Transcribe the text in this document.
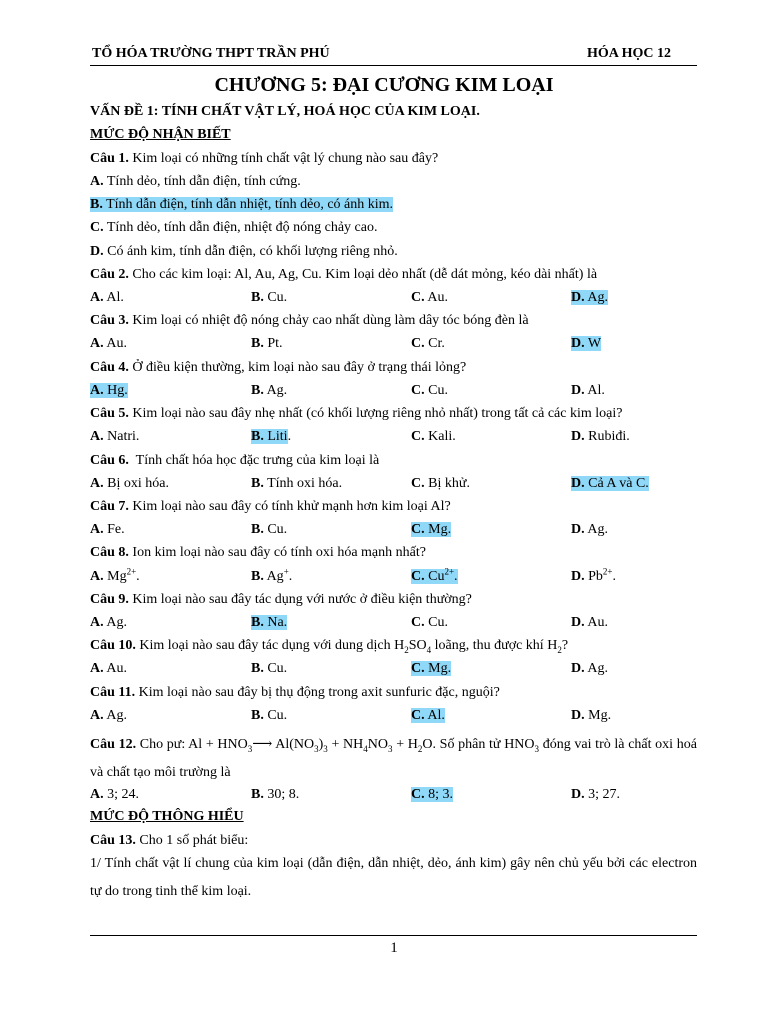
TỔ HÓA TRƯỜNG THPT TRẦN PHÚ	HÓA HỌC 12
CHƯƠNG 5: ĐẠI CƯƠNG KIM LOẠI
VẤN ĐỀ 1: TÍNH CHẤT VẬT LÝ, HOÁ HỌC CỦA KIM LOẠI.
MỨC ĐỘ NHẬN BIẾT
Câu 1. Kim loại có những tính chất vật lý chung nào sau đây?
A. Tính dẻo, tính dẫn điện, tính cứng.
B. Tính dẫn điện, tính dẫn nhiệt, tính dẻo, có ánh kim.
C. Tính dẻo, tính dẫn điện, nhiệt độ nóng chảy cao.
D. Có ánh kim, tính dẫn điện, có khối lượng riêng nhỏ.
Câu 2. Cho các kim loại: Al, Au, Ag, Cu. Kim loại dẻo nhất (dễ dát mỏng, kéo dài nhất) là
A. Al.	B. Cu.	C. Au.	D. Ag.
Câu 3. Kim loại có nhiệt độ nóng chảy cao nhất dùng làm dây tóc bóng đèn là
A. Au.	B. Pt.	C. Cr.	D. W
Câu 4. Ở điều kiện thường, kim loại nào sau đây ở trạng thái lỏng?
A. Hg.	B. Ag.	C. Cu.	D. Al.
Câu 5. Kim loại nào sau đây nhẹ nhất (có khối lượng riêng nhỏ nhất) trong tất cả các kim loại?
A. Natri.	B. Liti.	C. Kali.	D. Rubiđi.
Câu 6.  Tính chất hóa học đặc trưng của kim loại là
A. Bị oxi hóa.	B. Tính oxi hóa.	C. Bị khử.	D. Cả A và C.
Câu 7. Kim loại nào sau đây có tính khử mạnh hơn kim loại Al?
A. Fe.	B. Cu.	C. Mg.	D. Ag.
Câu 8. Ion kim loại nào sau đây có tính oxi hóa mạnh nhất?
A. $Mg^{2+}$.	B. Ag+.	C. $Cu^{2+}$.	D. $Pb^{2+}$.
Câu 9. Kim loại nào sau đây tác dụng với nước ở điều kiện thường?
A. Ag.	B. Na.	C. Cu.	D. Au.
Câu 10. Kim loại nào sau đây tác dụng với dung dịch $H_2SO_4$ loãng, thu được khí $H_2$?
A. Au.	B. Cu.	C. Mg.	D. Ag.
Câu 11. Kim loại nào sau đây bị thụ động trong axit sunfuric đặc, nguội?
A. Ag.	B. Cu.	C. Al.	D. Mg.
Câu 12. Cho pư: $Al + HNO_3⟶$ $Al(NO_3)_3 + NH_4NO_3 + H_2O$. Số phân tử $HNO_3$ đóng vai trò là chất oxi hoá và chất tạo môi trường là
A. 3; 24.	B. 30; 8.	C. 8; 3.	D. 3; 27.
MỨC ĐỘ THÔNG HIỂU
Câu 13. Cho 1 số phát biểu:
1/ Tính chất vật lí chung của kim loại (dẫn điện, dẫn nhiệt, dẻo, ánh kim) gây nên chủ yếu bởi các electron tự do trong tinh thể kim loại.
1
